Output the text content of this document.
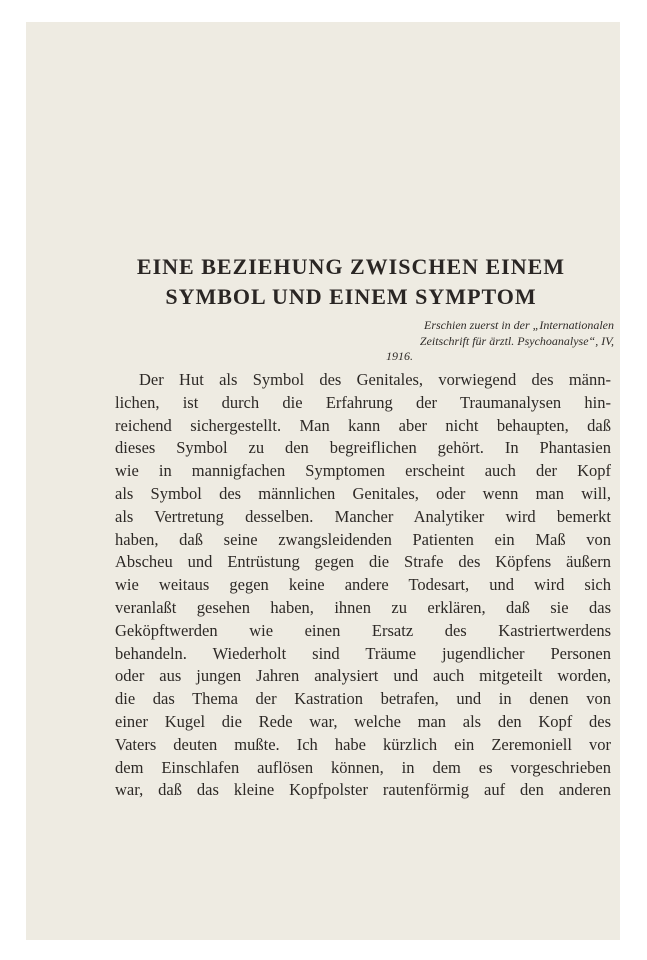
EINE BEZIEHUNG ZWISCHEN EINEM
SYMBOL UND EINEM SYMPTOM
Erschien zuerst in der „Internationalen
Zeitschrift für ärztl. Psychoanalyse“, IV,
1916.
Der Hut als Symbol des Genitales, vorwiegend des männ-
lichen, ist durch die Erfahrung der Traumanalysen hin-
reichend sichergestellt. Man kann aber nicht behaupten, daß
dieses Symbol zu den begreiflichen gehört. In Phantasien
wie in mannigfachen Symptomen erscheint auch der Kopf
als Symbol des männlichen Genitales, oder wenn man will,
als Vertretung desselben. Mancher Analytiker wird bemerkt
haben, daß seine zwangsleidenden Patienten ein Maß von
Abscheu und Entrüstung gegen die Strafe des Köpfens äußern
wie weitaus gegen keine andere Todesart, und wird sich
veranlaßt gesehen haben, ihnen zu erklären, daß sie das
Geköpftwerden wie einen Ersatz des Kastriertwerdens
behandeln. Wiederholt sind Träume jugendlicher Personen
oder aus jungen Jahren analysiert und auch mitgeteilt worden,
die das Thema der Kastration betrafen, und in denen von
einer Kugel die Rede war, welche man als den Kopf des
Vaters deuten mußte. Ich habe kürzlich ein Zeremoniell vor
dem Einschlafen auflösen können, in dem es vorgeschrieben
war, daß das kleine Kopfpolster rautenförmig auf den anderen
